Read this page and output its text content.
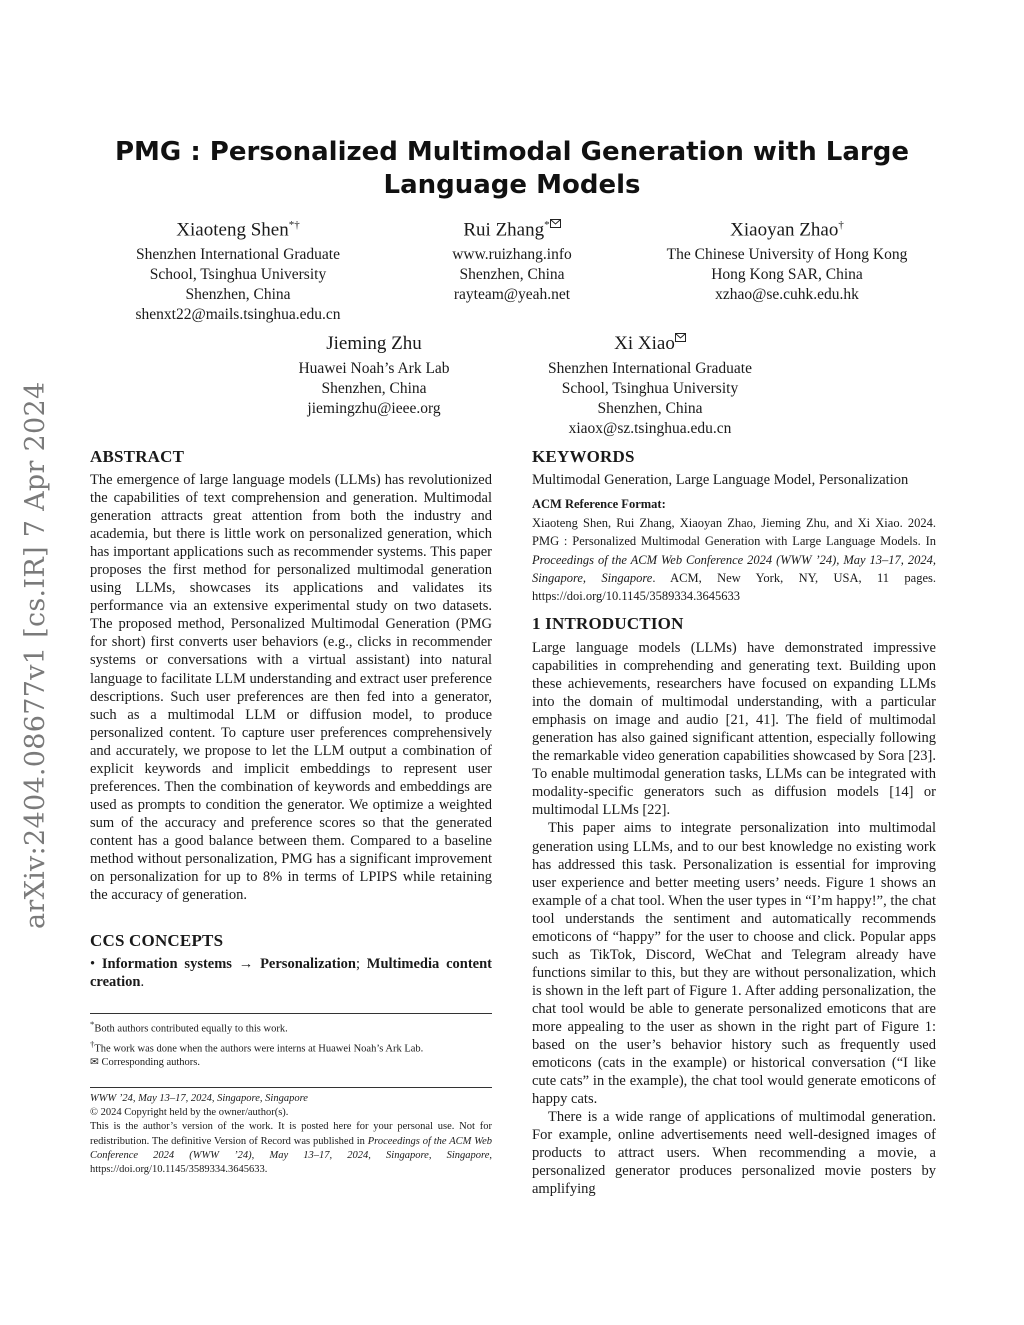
arXiv:2404.08677v1 [cs.IR] 7 Apr 2024
PMG : Personalized Multimodal Generation with Large Language Models
Xiaoteng Shen*†
Shenzhen International Graduate
School, Tsinghua University
Shenzhen, China
shenxt22@mails.tsinghua.edu.cn
Rui Zhang*
www.ruizhang.info
Shenzhen, China
rayteam@yeah.net
Xiaoyan Zhao†
The Chinese University of Hong Kong
Hong Kong SAR, China
xzhao@se.cuhk.edu.hk
Jieming Zhu
Huawei Noah’s Ark Lab
Shenzhen, China
jiemingzhu@ieee.org
Xi Xiao
Shenzhen International Graduate
School, Tsinghua University
Shenzhen, China
xiaox@sz.tsinghua.edu.cn
ABSTRACT

The emergence of large language models (LLMs) has revolutionized the capabilities of text comprehension and generation. Multimodal generation attracts great attention from both the industry and academia, but there is little work on personalized generation, which has important applications such as recommender systems. This paper proposes the first method for personalized multimodal generation using LLMs, showcases its applications and validates its performance via an extensive experimental study on two datasets. The proposed method, Personalized Multimodal Generation (PMG for short) first converts user behaviors (e.g., clicks in recommender systems or conversations with a virtual assistant) into natural language to facilitate LLM understanding and extract user preference descriptions. Such user preferences are then fed into a generator, such as a multimodal LLM or diffusion model, to produce personalized content. To capture user preferences comprehensively and accurately, we propose to let the LLM output a combination of explicit keywords and implicit embeddings to represent user preferences. Then the combination of keywords and embeddings are used as prompts to condition the generator. We optimize a weighted sum of the accuracy and preference scores so that the generated content has a good balance between them. Compared to a baseline method without personalization, PMG has a significant improvement on personalization for up to 8% in terms of LPIPS while retaining the accuracy of generation.

CCS CONCEPTS

• Information systems → Personalization; Multimedia content creation.

*Both authors contributed equally to this work.
†The work was done when the authors were interns at Huawei Noah’s Ark Lab.
✉ Corresponding authors.
WWW ’24, May 13–17, 2024, Singapore, Singapore
© 2024 Copyright held by the owner/author(s).
This is the author’s version of the work. It is posted here for your personal use. Not for redistribution. The definitive Version of Record was published in Proceedings of the ACM Web Conference 2024 (WWW ’24), May 13–17, 2024, Singapore, Singapore, https://doi.org/10.1145/3589334.3645633.
KEYWORDS
Multimodal Generation, Large Language Model, Personalization
ACM Reference Format:
Xiaoteng Shen, Rui Zhang, Xiaoyan Zhao, Jieming Zhu, and Xi Xiao. 2024. PMG : Personalized Multimodal Generation with Large Language Models. In Proceedings of the ACM Web Conference 2024 (WWW ’24), May 13–17, 2024, Singapore, Singapore. ACM, New York, NY, USA, 11 pages. https://doi.org/10.1145/3589334.3645633
1 INTRODUCTION

Large language models (LLMs) have demonstrated impressive capabilities in comprehending and generating text. Building upon these achievements, researchers have focused on expanding LLMs into the domain of multimodal understanding, with a particular emphasis on image and audio [21, 41]. The field of multimodal generation has also gained significant attention, especially following the remarkable video generation capabilities showcased by Sora [23]. To enable multimodal generation tasks, LLMs can be integrated with modality-specific generators such as diffusion models [14] or multimodal LLMs [22].

This paper aims to integrate personalization into multimodal generation using LLMs, and to our best knowledge no existing work has addressed this task. Personalization is essential for improving user experience and better meeting users’ needs. Figure 1 shows an example of a chat tool. When the user types in “I’m happy!”, the chat tool understands the sentiment and automatically recommends emoticons of “happy” for the user to choose and click. Popular apps such as TikTok, Discord, WeChat and Telegram already have functions similar to this, but they are without personalization, which is shown in the left part of Figure 1. After adding personalization, the chat tool would be able to generate personalized emoticons that are more appealing to the user as shown in the right part of Figure 1: based on the user’s behavior history such as frequently used emoticons (cats in the example) or historical conversation (“I like cute cats” in the example), the chat tool would generate emoticons of happy cats.

There is a wide range of applications of multimodal generation. For example, online advertisements need well-designed images of products to attract users. When recommending a movie, a personalized generator produces personalized movie posters by amplifying
